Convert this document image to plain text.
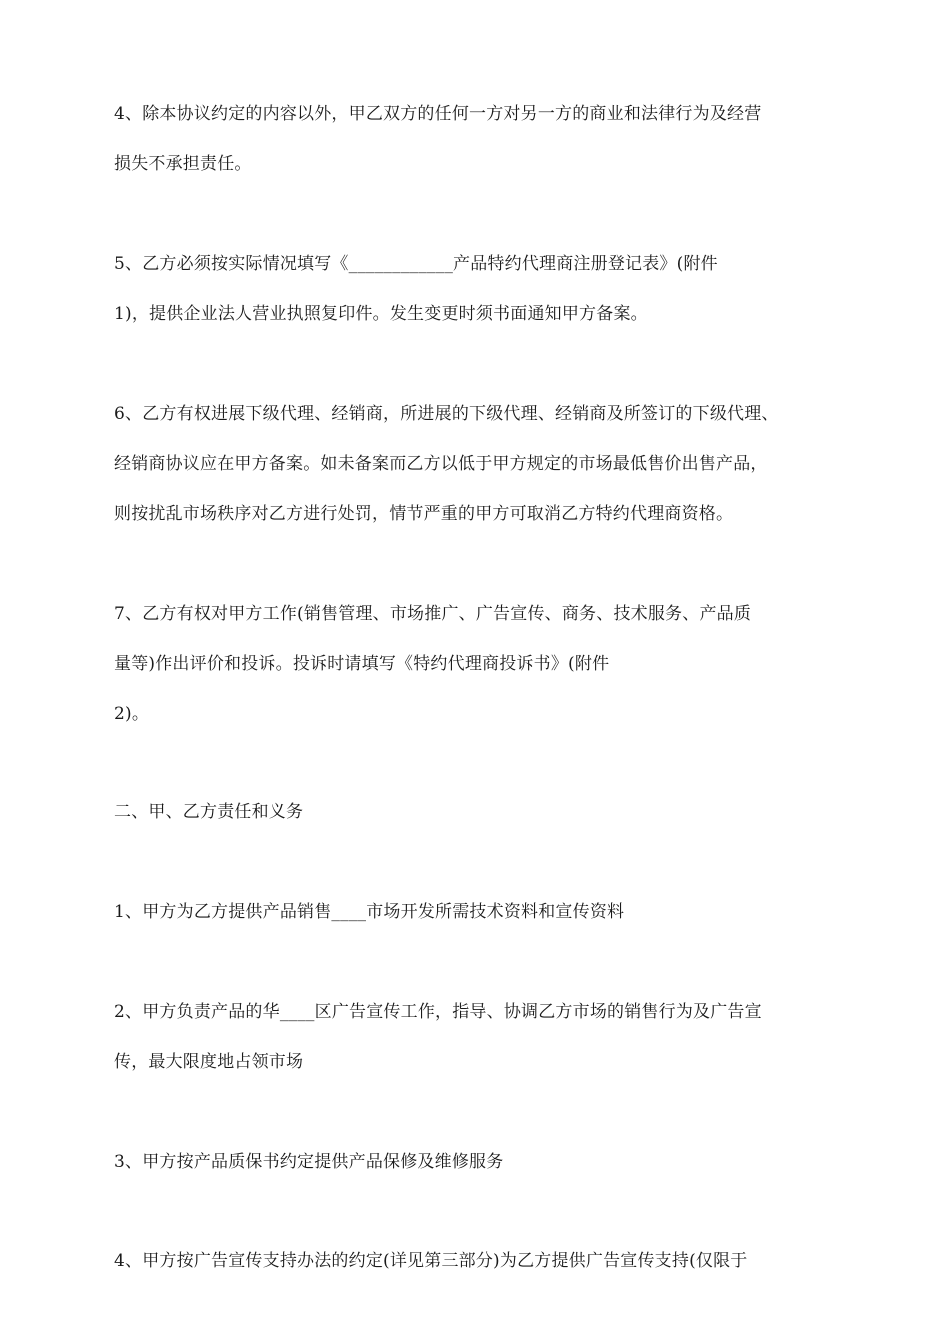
4、除本协议约定的内容以外，甲乙双方的任何一方对另一方的商业和法律行为及经营
损失不承担责任。
5、乙方必须按实际情况填写《____________产品特约代理商注册登记表》(附件
1)，提供企业法人营业执照复印件。发生变更时须书面通知甲方备案。
6、乙方有权进展下级代理、经销商，所进展的下级代理、经销商及所签订的下级代理、
经销商协议应在甲方备案。如未备案而乙方以低于甲方规定的市场最低售价出售产品，
则按扰乱市场秩序对乙方进行处罚，情节严重的甲方可取消乙方特约代理商资格。
7、乙方有权对甲方工作(销售管理、市场推广、广告宣传、商务、技术服务、产品质
量等)作出评价和投诉。投诉时请填写《特约代理商投诉书》(附件
2)。
二、甲、乙方责任和义务
1、甲方为乙方提供产品销售____市场开发所需技术资料和宣传资料
2、甲方负责产品的华____区广告宣传工作，指导、协调乙方市场的销售行为及广告宣
传，最大限度地占领市场
3、甲方按产品质保书约定提供产品保修及维修服务
4、甲方按广告宣传支持办法的约定(详见第三部分)为乙方提供广告宣传支持(仅限于
